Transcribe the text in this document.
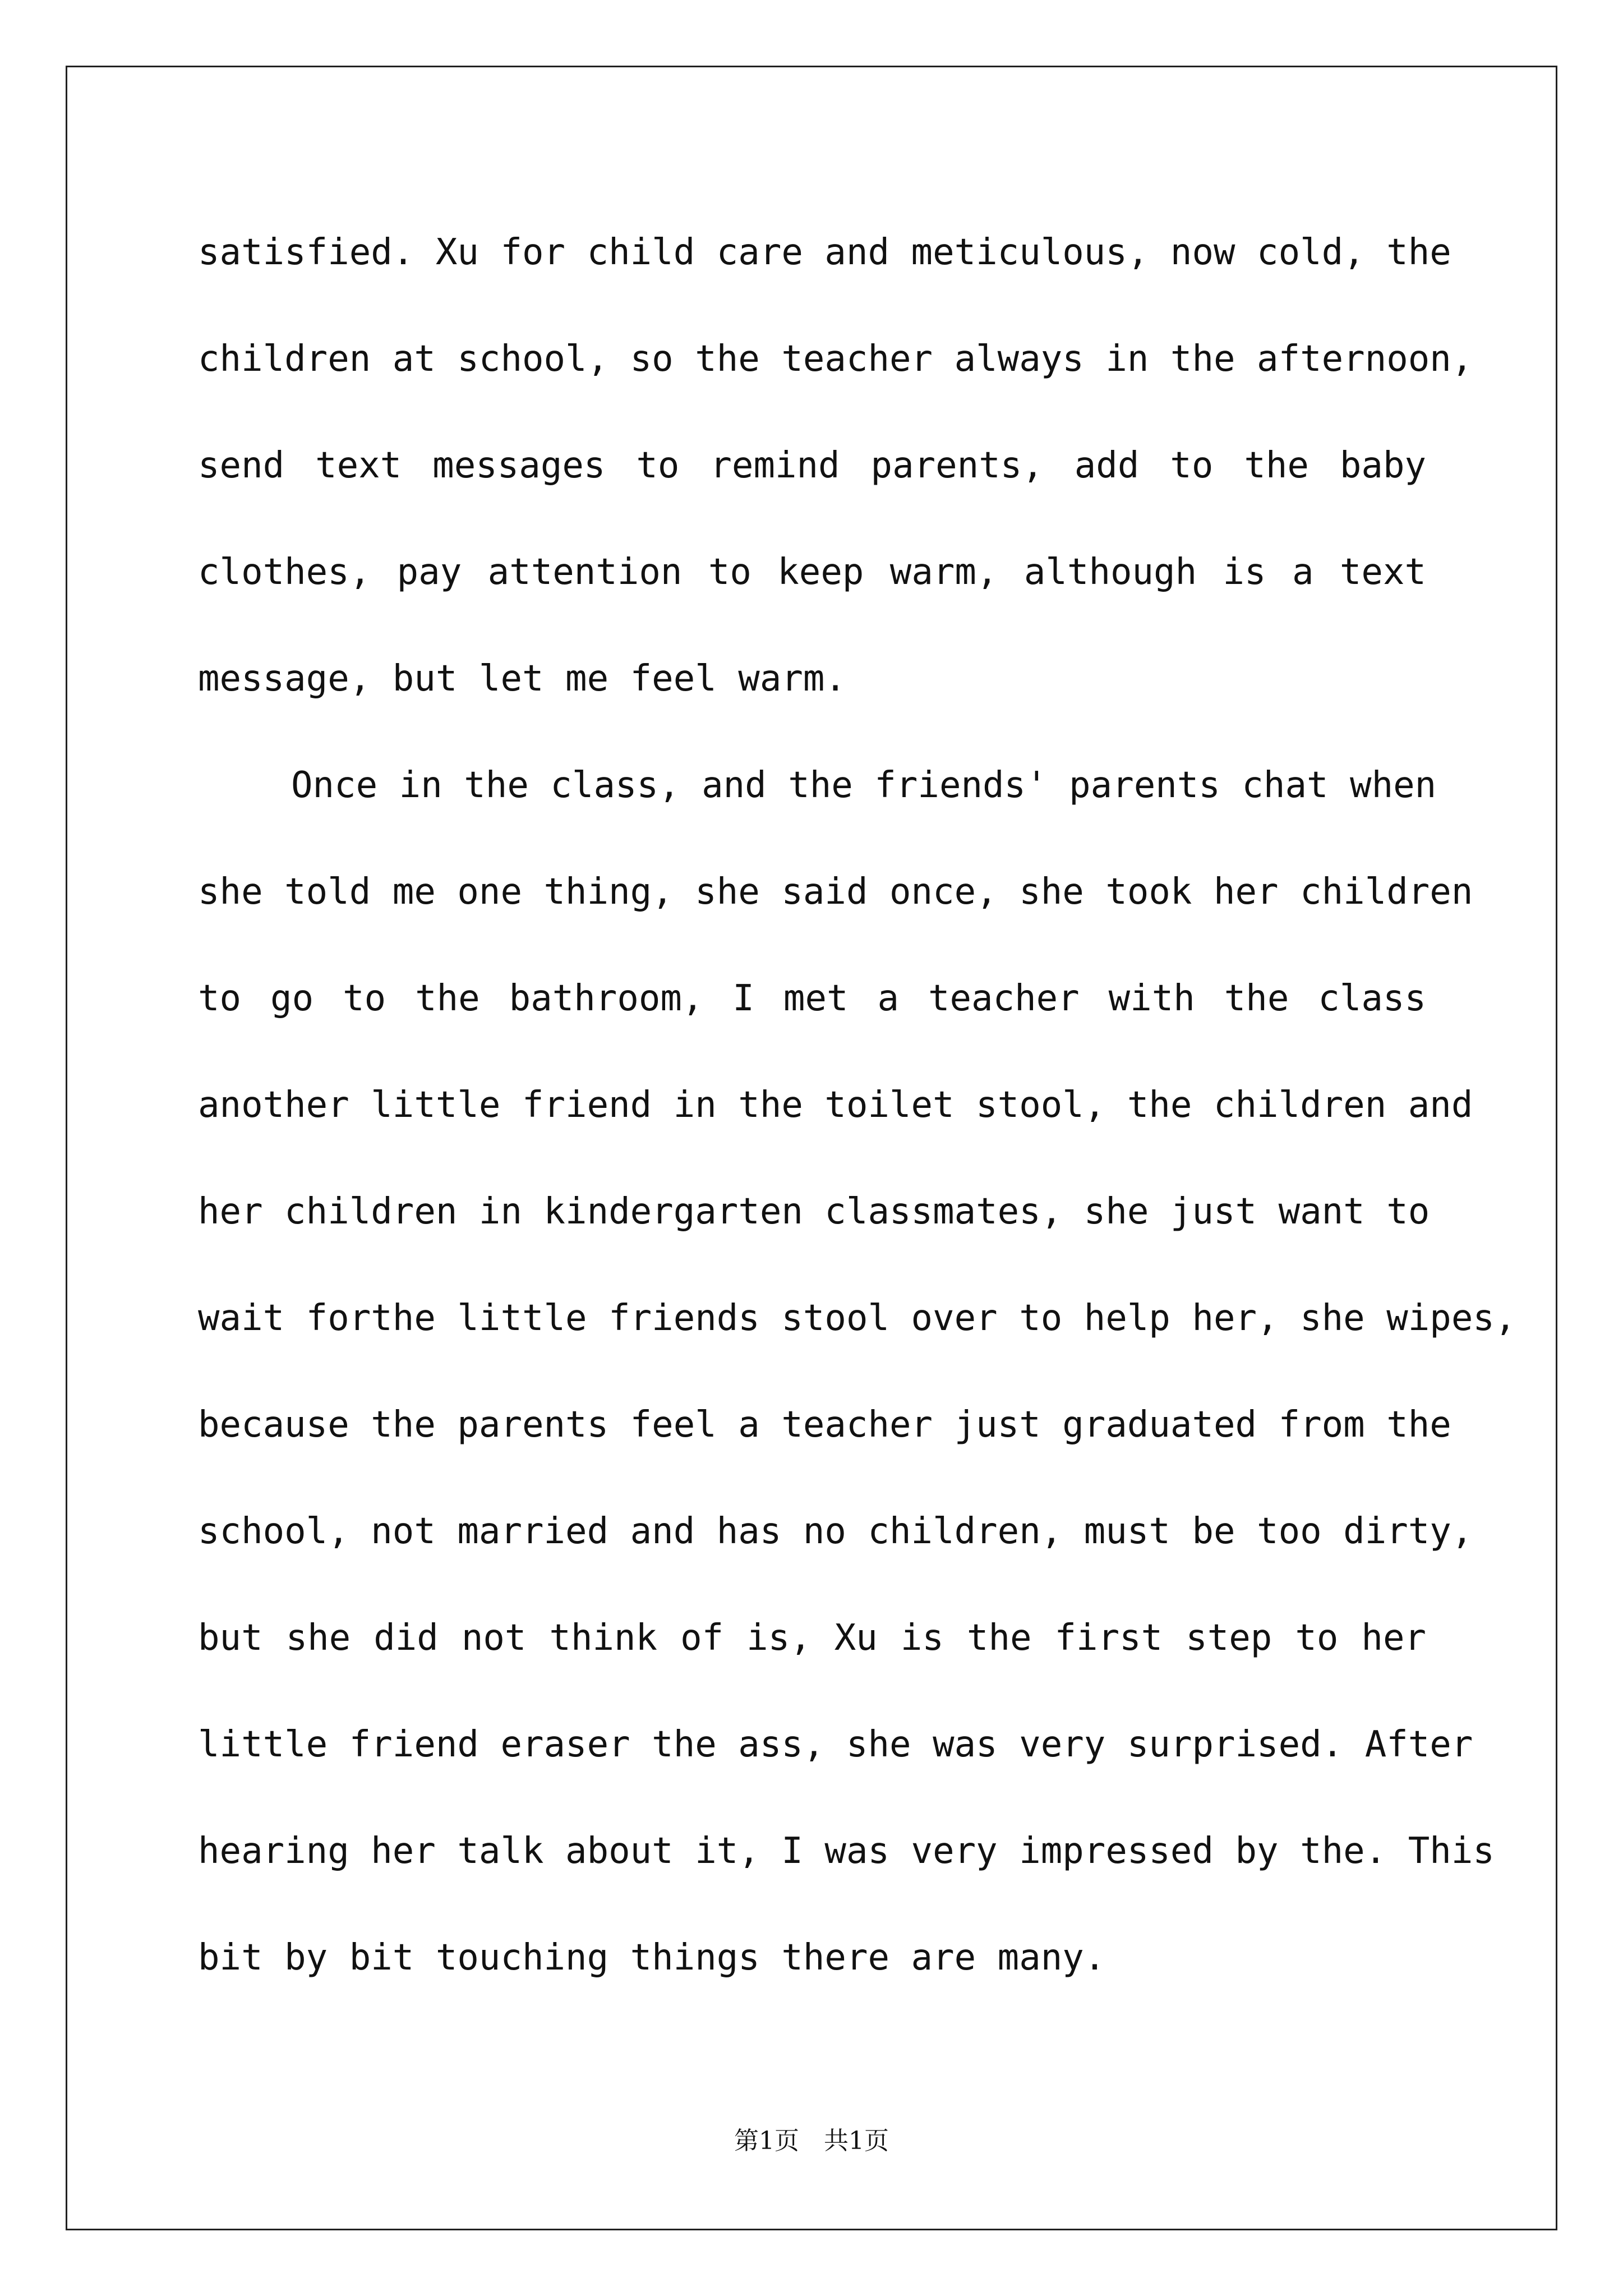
satisfied. Xu for child care and meticulous, now cold, the
children at school, so the teacher always in the afternoon,
send text messages to remind parents, add to the baby
clothes, pay attention to keep warm, although is a text
message, but let me feel warm.
Once in the class, and the friends' parents chat when
she told me one thing, she said once, she took her children
to go to the bathroom, I met a teacher with the class
another little friend in the toilet stool, the children and
her children in kindergarten classmates, she just want to
wait forthe little friends stool over to help her, she wipes,
because the parents feel a teacher just graduated from the
school, not married and has no children, must be too dirty,
but she did not think of is, Xu is the first step to her
little friend eraser the ass, she was very surprised. After
hearing her talk about it, I was very impressed by the. This
bit by bit touching things there are many.
第1页　共1页
